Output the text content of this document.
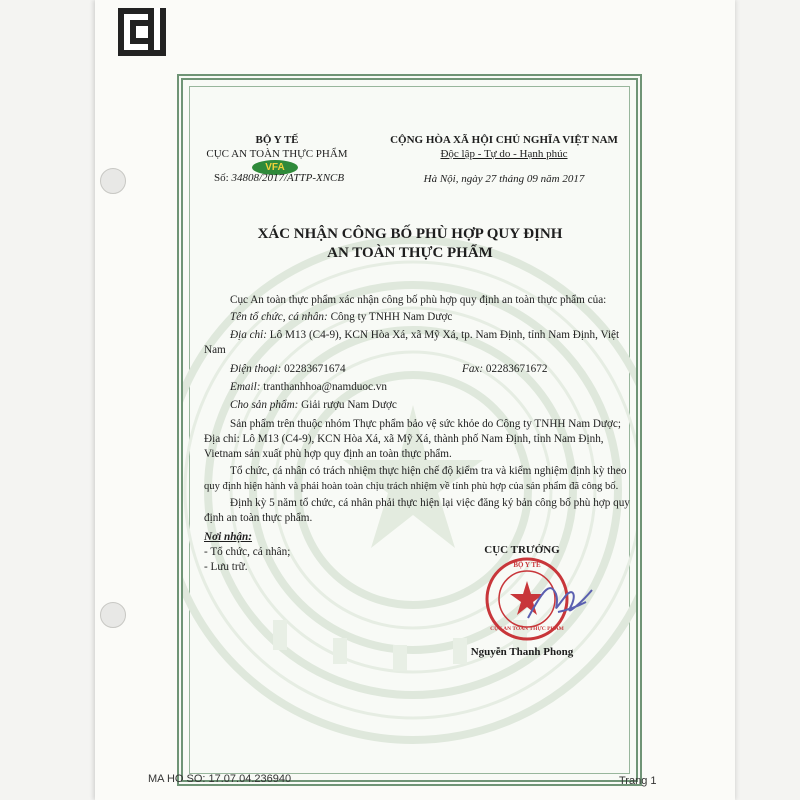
BỘ Y TẾ
CỤC AN TOÀN THỰC PHẨM
VFA
Số: 34808/2017/ATTP-XNCB
CỘNG HÒA XÃ HỘI CHỦ NGHĨA VIỆT NAM
Độc lập - Tự do - Hạnh phúc
Hà Nội, ngày 27 tháng 09 năm 2017
XÁC NHẬN CÔNG BỐ PHÙ HỢP QUY ĐỊNH
AN TOÀN THỰC PHẨM
Cục An toàn thực phẩm xác nhận công bố phù hợp quy định an toàn thực phẩm của:
Tên tổ chức, cá nhân: Công ty TNHH Nam Dược
Địa chỉ: Lô M13 (C4-9), KCN Hòa Xá, xã Mỹ Xá, tp. Nam Định, tỉnh Nam Định, Việt
Nam
Điện thoại: 02283671674	Fax: 02283671672
Email: tranthanhhoa@namduoc.vn
Cho sản phẩm: Giải rượu Nam Dược
Sản phẩm trên thuộc nhóm Thực phẩm bảo vệ sức khỏe do Công ty TNHH Nam Dược;
Địa chỉ: Lô M13 (C4-9), KCN Hòa Xá, xã Mỹ Xá, thành phố Nam Định, tỉnh Nam Định,
Vietnam sản xuất phù hợp quy định an toàn thực phẩm.
Tổ chức, cá nhân có trách nhiệm thực hiện chế độ kiểm tra và kiểm nghiệm định kỳ theo
quy định hiện hành và phải hoàn toàn chịu trách nhiệm về tính phù hợp của sản phẩm đã công bố.
Định kỳ 5 năm tổ chức, cá nhân phải thực hiện lại việc đăng ký bản công bố phù hợp quy
định an toàn thực phẩm.
Nơi nhận:
- Tổ chức, cá nhân;
- Lưu trữ.
CỤC TRƯỞNG
BỘ Y TẾ
CỤC AN TOÀN THỰC PHẨM
Nguyễn Thanh Phong
MA HO SO: 17.07.04.236940	Trang 1
